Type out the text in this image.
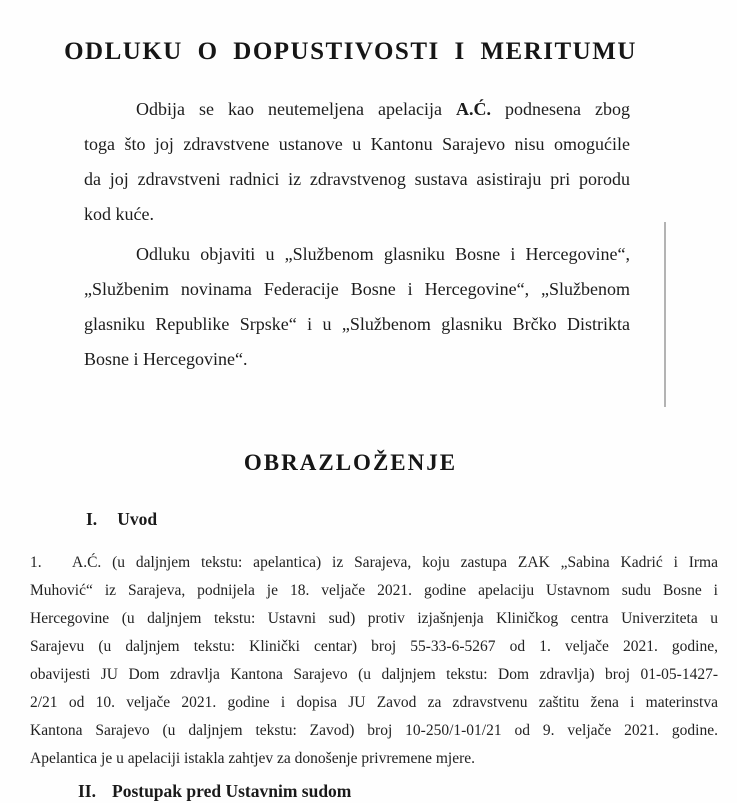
ODLUKU O DOPUSTIVOSTI I MERITUMU
Odbija se kao neutemeljena apelacija A.Ć. podnesena zbog
toga što joj zdravstvene ustanove u Kantonu Sarajevo nisu omogućile
da joj zdravstveni radnici iz zdravstvenog sustava asistiraju pri porodu
kod kuće.
Odluku objaviti u „Službenom glasniku Bosne i Hercegovine“,
„Službenim novinama Federacije Bosne i Hercegovine“, „Službenom
glasniku Republike Srpske“ i u „Službenom glasniku Brčko Distrikta
Bosne i Hercegovine“.
OBRAZLOŽENJE
I. Uvod
1. A.Ć. (u daljnjem tekstu: apelantica) iz Sarajeva, koju zastupa ZAK „Sabina Kadrić i Irma
Muhović“ iz Sarajeva, podnijela je 18. veljače 2021. godine apelaciju Ustavnom sudu Bosne i
Hercegovine (u daljnjem tekstu: Ustavni sud) protiv izjašnjenja Kliničkog centra Univerziteta u
Sarajevu (u daljnjem tekstu: Klinički centar) broj 55-33-6-5267 od 1. veljače 2021. godine,
obavijesti JU Dom zdravlja Kantona Sarajevo (u daljnjem tekstu: Dom zdravlja) broj 01-05-1427-
2/21 od 10. veljače 2021. godine i dopisa JU Zavod za zdravstvenu zaštitu žena i materinstva
Kantona Sarajevo (u daljnjem tekstu: Zavod) broj 10-250/1-01/21 od 9. veljače 2021. godine.
Apelantica je u apelaciji istakla zahtjev za donošenje privremene mjere.
II. Postupak pred Ustavnim sudom
